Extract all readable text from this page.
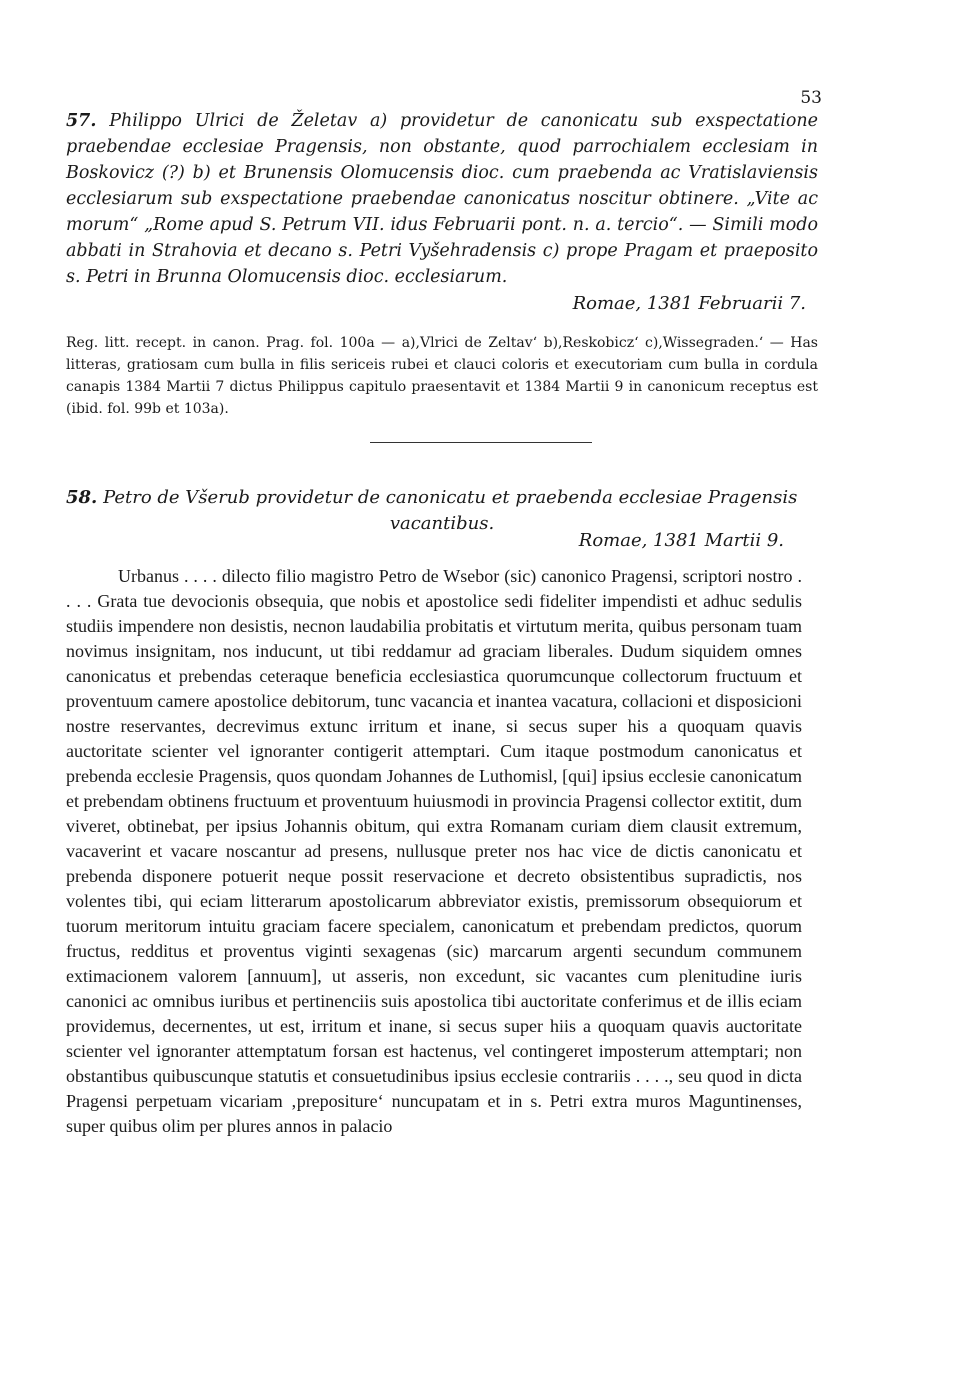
53
57. Philippo Ulrici de Želetav a) providetur de canonicatu sub exspectatione praebendae ecclesiae Pragensis, non obstante, quod parrochialem ecclesiam in Boskovicz (?) b) et Brunensis Olomucensis dioc. cum praebenda ac Vratislaviensis ecclesiarum sub exspectatione praebendae canonicatus noscitur obtinere. „Vite ac morum“ „Rome apud S. Petrum VII. idus Februarii pont. n. a. tercio“. — Simili modo abbati in Strahovia et decano s. Petri Vyšehradensis c) prope Pragam et praeposito s. Petri in Brunna Olomucensis dioc. ecclesiarum.
Romae, 1381 Februarii 7.
Reg. litt. recept. in canon. Prag. fol. 100a — a),Vlrici de Zeltav‘ b),Reskobicz‘ c),Wissegraden.‘ — Has litteras, gratiosam cum bulla in filis sericeis rubei et clauci coloris et executoriam cum bulla in cordula canapis 1384 Martii 7 dictus Philippus capitulo praesentavit et 1384 Martii 9 in canonicum receptus est (ibid. fol. 99b et 103a).
58. Petro de Všerub providetur de canonicatu et praebenda ecclesiae Pragensis
vacantibus.
Romae, 1381 Martii 9.

Urbanus . . . . dilecto filio magistro Petro de Wsebor (sic) canonico Pragensi, scriptori nostro . . . . Grata tue devocionis obsequia, que nobis et apostolice sedi fideliter impendisti et adhuc sedulis studiis impendere non desistis, necnon laudabilia probitatis et virtutum merita, quibus personam tuam novimus insignitam, nos inducunt, ut tibi reddamur ad graciam liberales. Dudum siquidem omnes canonicatus et prebendas ceteraque beneficia ecclesiastica quorumcunque collectorum fructuum et proventuum camere apostolice debitorum, tunc vacancia et inantea vacatura, collacioni et disposicioni nostre reservantes, decrevimus extunc irritum et inane, si secus super his a quoquam quavis auctoritate scienter vel ignoranter contigerit attemptari. Cum itaque postmodum canonicatus et prebenda ecclesie Pragensis, quos quondam Johannes de Luthomisl, [qui] ipsius ecclesie canonicatum et prebendam obtinens fructuum et proventuum huiusmodi in provincia Pragensi collector extitit, dum viveret, obtinebat, per ipsius Johannis obitum, qui extra Romanam curiam diem clausit extremum, vacaverint et vacare noscantur ad presens, nullusque preter nos hac vice de dictis canonicatu et prebenda disponere potuerit neque possit reservacione et decreto obsistentibus supradictis, nos volentes tibi, qui eciam litterarum apostolicarum abbreviator existis, premissorum obsequiorum et tuorum meritorum intuitu graciam facere specialem, canonicatum et prebendam predictos, quorum fructus, redditus et proventus viginti sexagenas (sic) marcarum argenti secundum communem extimacionem valorem [annuum], ut asseris, non excedunt, sic vacantes cum plenitudine iuris canonici ac omnibus iuribus et pertinenciis suis apostolica tibi auctoritate conferimus et de illis eciam providemus, decernentes, ut est, irritum et inane, si secus super hiis a quoquam quavis auctoritate scienter vel ignoranter attemptatum forsan est hactenus, vel contingeret imposterum attemptari; non obstantibus quibuscunque statutis et consuetudinibus ipsius ecclesie contrariis . . . ., seu quod in dicta Pragensi perpetuam vicariam ‚prepositure‘ nuncupatam et in s. Petri extra muros Maguntinenses, super quibus olim per plures annos in palacio
